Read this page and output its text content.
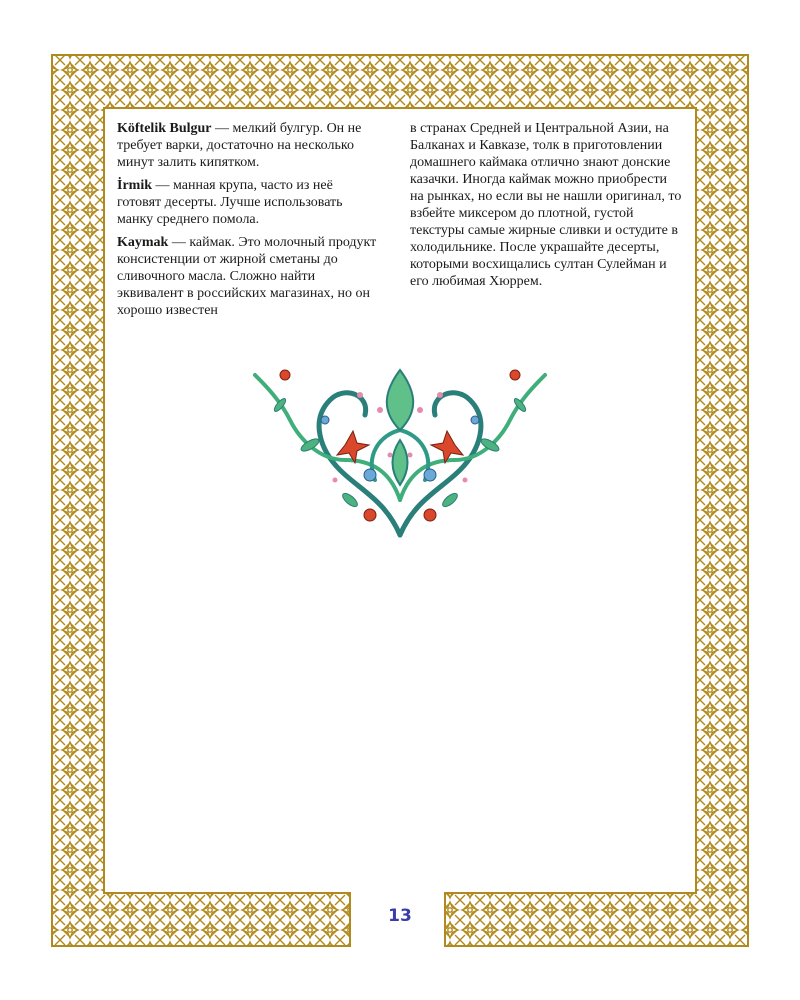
Köftelik Bulgur — мелкий булгур. Он не требует варки, достаточно на несколько минут залить кипятком.

İrmik — манная крупа, часто из неё готовят десерты. Лучше использовать манку среднего помола.

Kaymak — каймак. Это молочный продукт консистенции от жирной сметаны до сливочного масла. Сложно найти эквивалент в российских магазинах, но он хорошо известен

в странах Средней и Центральной Азии, на Балканах и Кавказе, толк в приготовлении домашнего каймака отлично знают донские казачки. Иногда каймак можно приобрести на рынках, но если вы не нашли оригинал, то взбейте миксером до плотной, густой текстуры самые жирные сливки и остудите в холодильнике. После украшайте десерты, которыми восхищались султан Сулейман и его любимая Хюррем.

13
